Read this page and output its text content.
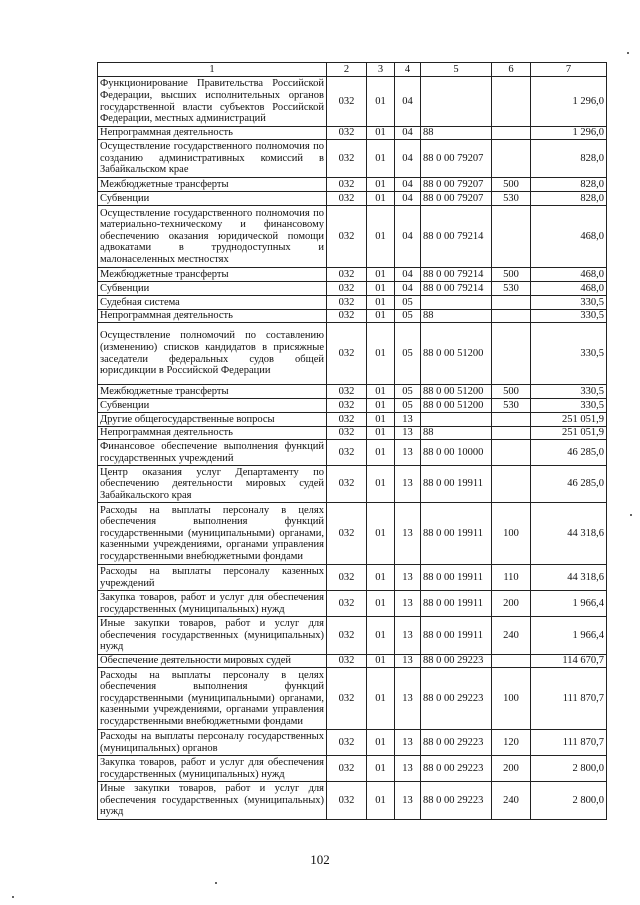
1	2	3	4	5	6	7
Функционирование Правительства Российской Федерации, высших исполнительных органов государственной власти субъектов Российской Федерации, местных администраций	032	01	04			1 296,0
Непрограммная деятельность	032	01	04	88		1 296,0
Осуществление государственного полномочия по созданию административных комиссий в Забайкальском крае	032	01	04	88 0 00 79207		828,0
Межбюджетные трансферты	032	01	04	88 0 00 79207	500	828,0
Субвенции	032	01	04	88 0 00 79207	530	828,0
Осуществление государственного полномочия по материально-техническому и финансовому обеспечению оказания юридической помощи адвокатами в труднодоступных и малонаселенных местностях	032	01	04	88 0 00 79214		468,0
Межбюджетные трансферты	032	01	04	88 0 00 79214	500	468,0
Субвенции	032	01	04	88 0 00 79214	530	468,0
Судебная система	032	01	05			330,5
Непрограммная деятельность	032	01	05	88		330,5
Осуществление полномочий по составлению (изменению) списков кандидатов в присяжные заседатели федеральных судов общей юрисдикции в Российской Федерации	032	01	05	88 0 00 51200		330,5
Межбюджетные трансферты	032	01	05	88 0 00 51200	500	330,5
Субвенции	032	01	05	88 0 00 51200	530	330,5
Другие общегосударственные вопросы	032	01	13			251 051,9
Непрограммная деятельность	032	01	13	88		251 051,9
Финансовое обеспечение выполнения функций государственных учреждений	032	01	13	88 0 00 10000		46 285,0
Центр оказания услуг Департаменту по обеспечению деятельности мировых судей Забайкальского края	032	01	13	88 0 00 19911		46 285,0
Расходы на выплаты персоналу в целях обеспечения выполнения функций государственными (муниципальными) органами, казенными учреждениями, органами управления государственными внебюджетными фондами	032	01	13	88 0 00 19911	100	44 318,6
Расходы на выплаты персоналу казенных учреждений	032	01	13	88 0 00 19911	110	44 318,6
Закупка товаров, работ и услуг для обеспечения государственных (муниципальных) нужд	032	01	13	88 0 00 19911	200	1 966,4
Иные закупки товаров, работ и услуг для обеспечения государственных (муниципальных) нужд	032	01	13	88 0 00 19911	240	1 966,4
Обеспечение деятельности мировых судей	032	01	13	88 0 00 29223		114 670,7
Расходы на выплаты персоналу в целях обеспечения выполнения функций государственными (муниципальными) органами, казенными учреждениями, органами управления государственными внебюджетными фондами	032	01	13	88 0 00 29223	100	111 870,7
Расходы на выплаты персоналу государственных (муниципальных) органов	032	01	13	88 0 00 29223	120	111 870,7
Закупка товаров, работ и услуг для обеспечения государственных (муниципальных) нужд	032	01	13	88 0 00 29223	200	2 800,0
Иные закупки товаров, работ и услуг для обеспечения государственных (муниципальных) нужд	032	01	13	88 0 00 29223	240	2 800,0
102
